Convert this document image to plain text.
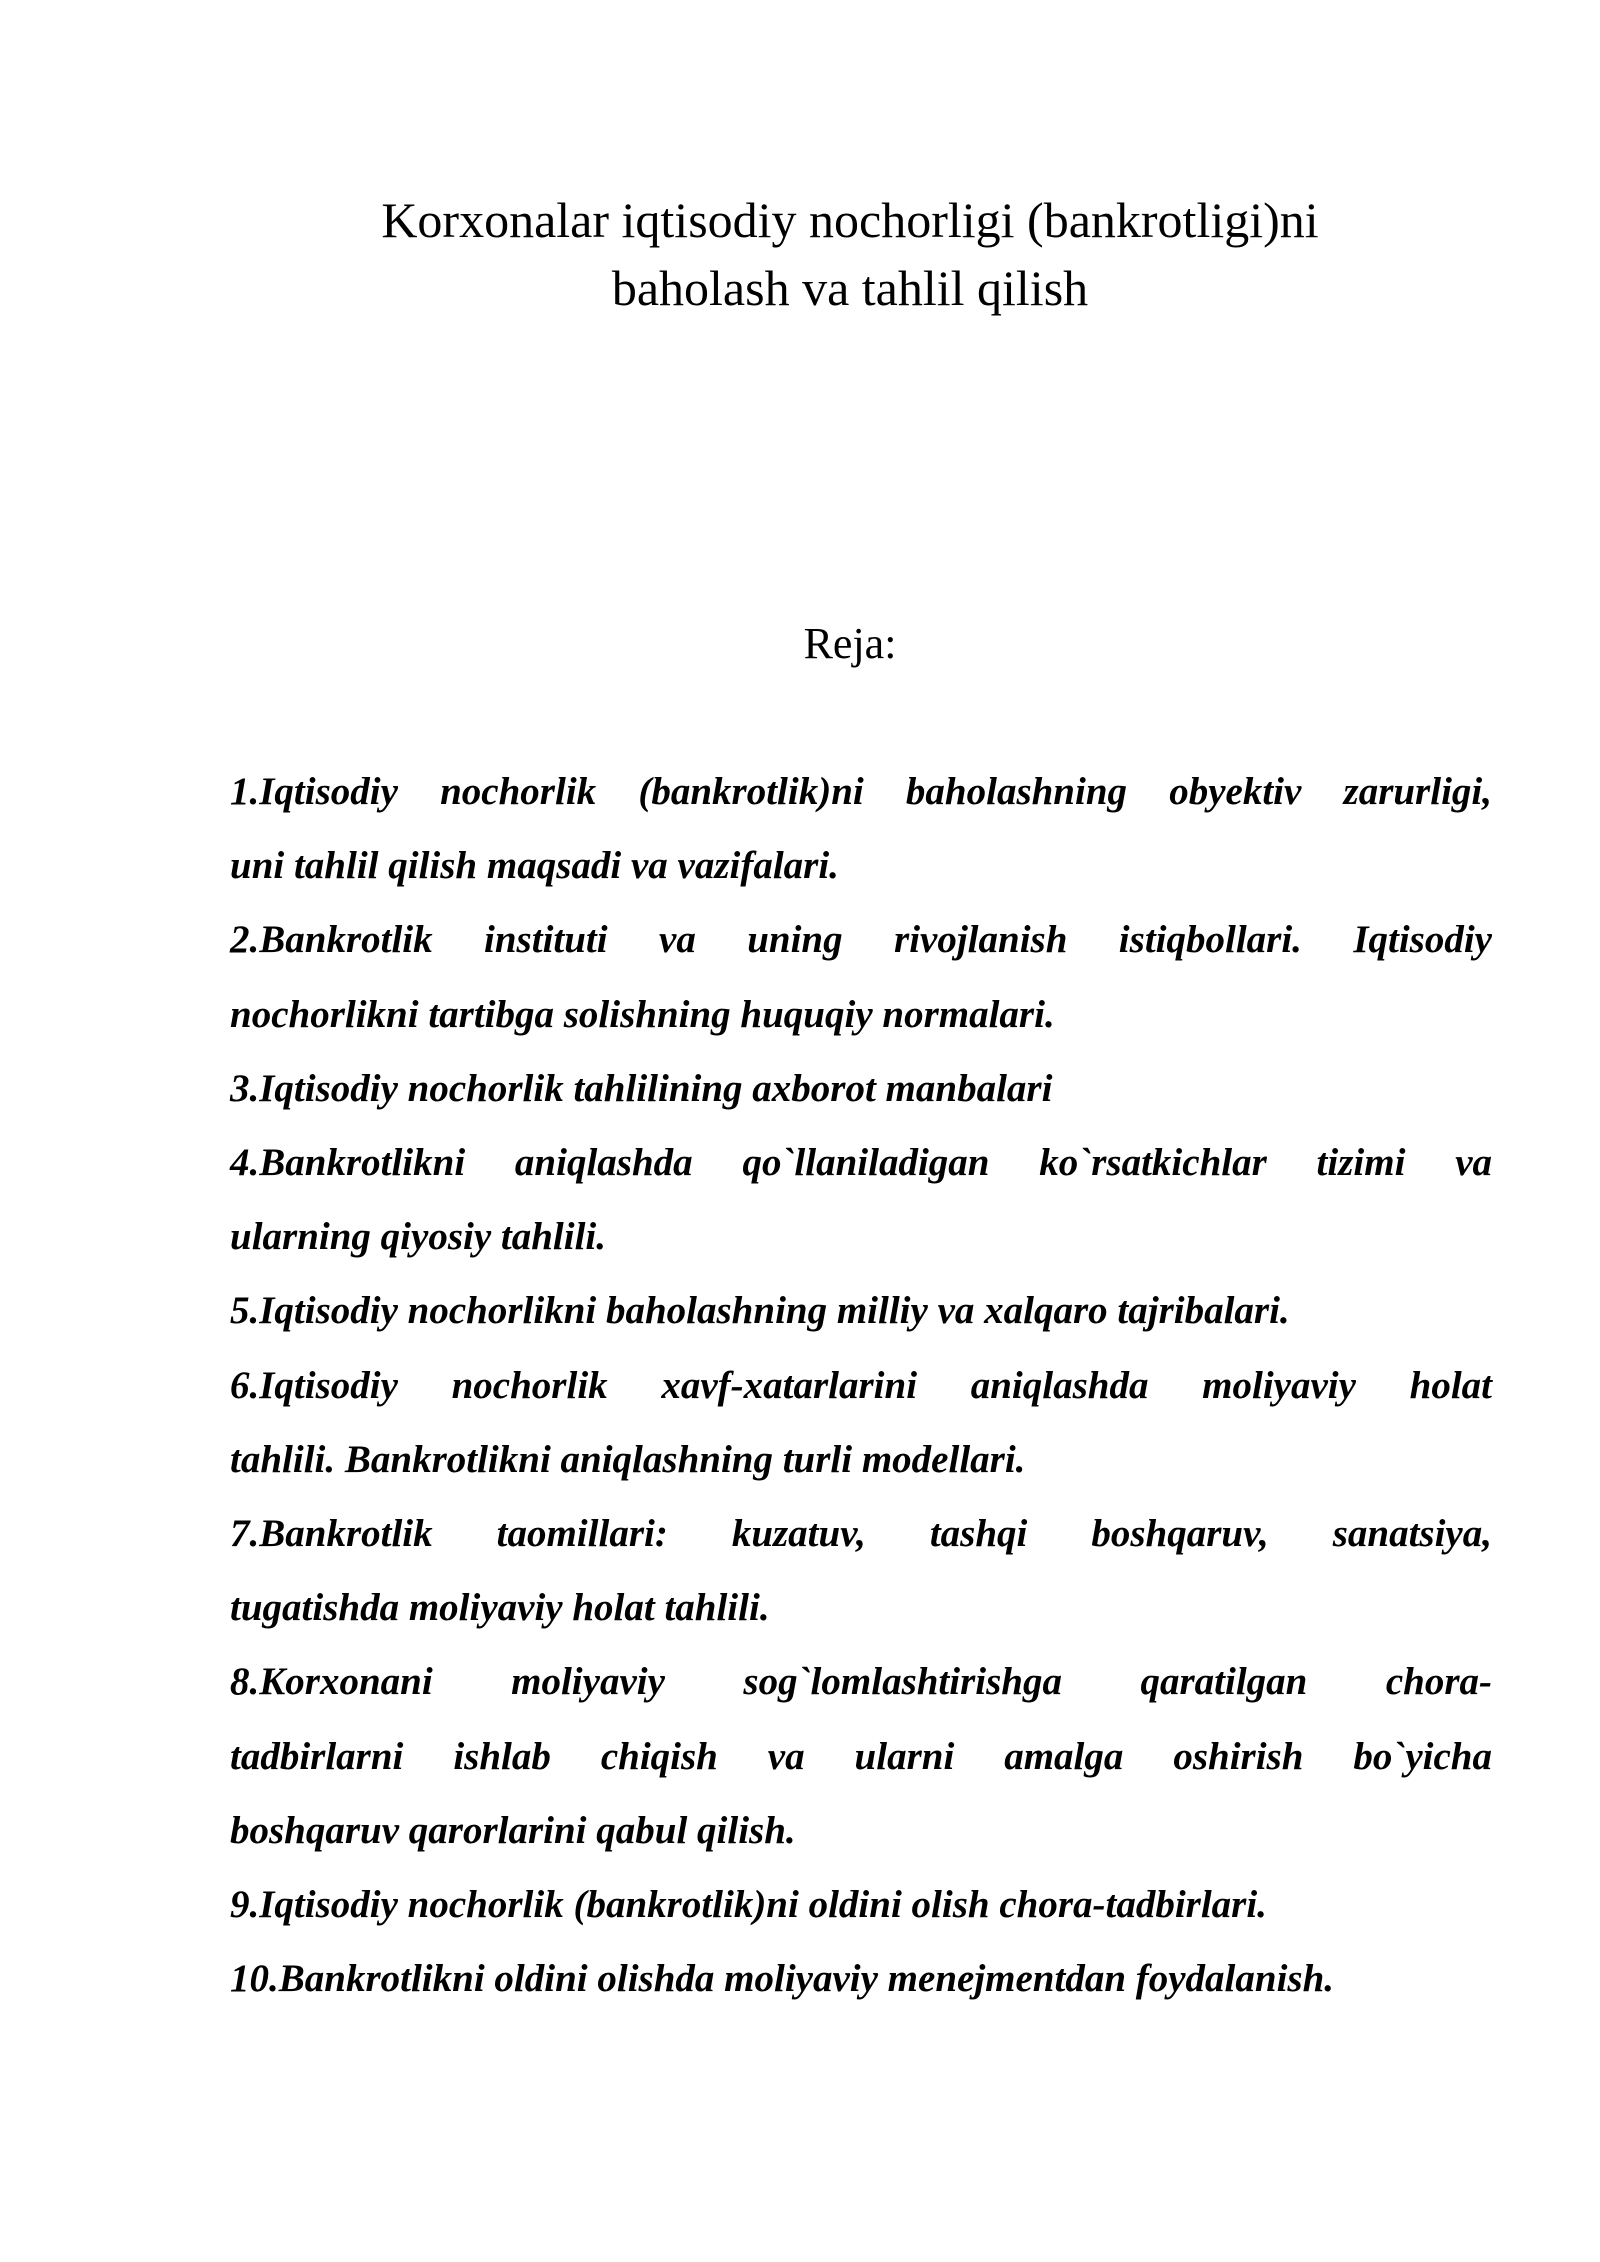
Korxonalar iqtisodiy nochorligi (bankrotligi)ni
baholash va tahlil qilish
Reja:
1.Iqtisodiy nochorlik (bankrotlik)ni baholashning obyektiv zarurligi,
uni tahlil qilish maqsadi va vazifalari.
2.Bankrotlik instituti va uning rivojlanish istiqbollari. Iqtisodiy
nochorlikni tartibga solishning huquqiy normalari.
3.Iqtisodiy nochorlik tahlilining axborot manbalari
4.Bankrotlikni aniqlashda qo`llaniladigan ko`rsatkichlar tizimi va
ularning qiyosiy tahlili.
5.Iqtisodiy nochorlikni baholashning milliy va xalqaro tajribalari.
6.Iqtisodiy nochorlik xavf-xatarlarini aniqlashda moliyaviy holat
tahlili. Bankrotlikni aniqlashning turli modellari.
7.Bankrotlik taomillari: kuzatuv, tashqi boshqaruv, sanatsiya,
tugatishda moliyaviy holat tahlili.
8.Korxonani moliyaviy sog`lomlashtirishga qaratilgan chora-
tadbirlarni ishlab chiqish va ularni amalga oshirish bo`yicha
boshqaruv qarorlarini qabul qilish.
9.Iqtisodiy nochorlik (bankrotlik)ni oldini olish chora-tadbirlari.
10.Bankrotlikni oldini olishda moliyaviy menejmentdan foydalanish.
